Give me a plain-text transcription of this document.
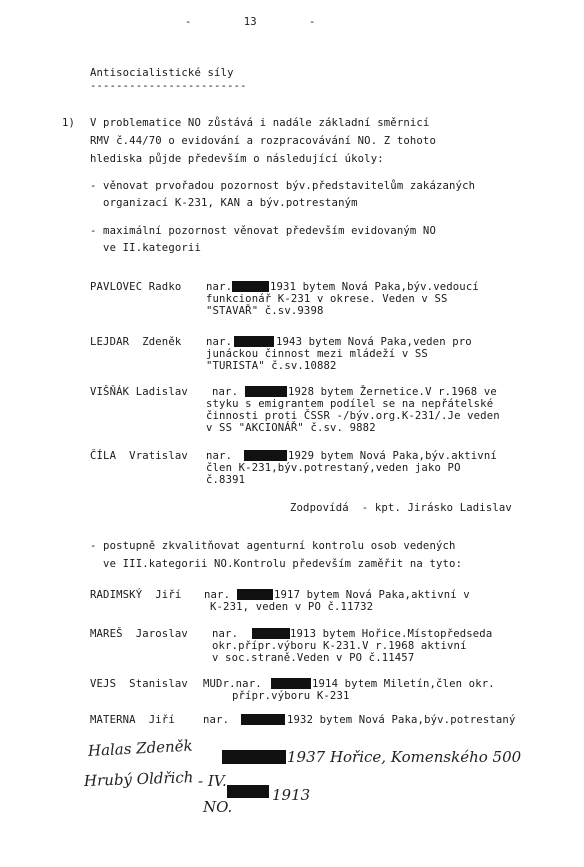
-        13        -
Antisocialistické síly
------------------------
1) V problematice NO zůstává i nadále základní směrnicí
RMV č.44/70 o evidování a rozpracovávání NO. Z tohoto
hlediska půjde především o následující úkoly:
- věnovat prvořadou pozornost býv.představitelům zakázaných
organizací K-231, KAN a býv.potrestaným
- maximální pozornost věnovat především evidovaným NO
ve II.kategorii
PAVLOVEC Radko nar.	1931 bytem Nová Paka,býv.vedoucí
funkcionář K-231 v okrese. Veden v SS
"STAVAŘ" č.sv.9398
LEJDAR  Zdeněk nar.	1943 bytem Nová Paka,veden pro
junáckou činnost mezi mládeží v SS
"TURISTA" č.sv.10882
VIŠŇÁK Ladislav nar.	1928 bytem Žernetice.V r.1968 ve
styku s emigrantem podílel se na nepřátelské
činnosti proti ČSSR -/býv.org.K-231/.Je veden
v SS "AKCIONÁŘ" č.sv. 9882
ČÍLA  Vratislav nar.	1929 bytem Nová Paka,býv.aktivní
člen K-231,býv.potrestaný,veden jako PO
č.8391
Zodpovídá  - kpt. Jirásko Ladislav
- postupně zkvalitňovat agenturní kontrolu osob vedených
ve III.kategorii NO.Kontrolu především zaměřit na tyto:
RADIMSKÝ  Jiří nar.	1917 bytem Nová Paka,aktivní v
K-231, veden v PO č.11732
MAREŠ  Jaroslav nar.	1913 bytem Hořice.Místopředseda
okr.přípr.výboru K-231.V r.1968 aktivní
v soc.straně.Veden v PO č.11457
VEJS  Stanislav MUDr.nar.	1914 bytem Miletín,člen okr.
přípr.výboru K-231
MATERNA  Jiří	nar.	1932 bytem Nová Paka,býv.potrestaný
Halas Zdeněk	1937 Hořice, Komenského 500
Hrubý Oldřich - IV.
1913
NO.
